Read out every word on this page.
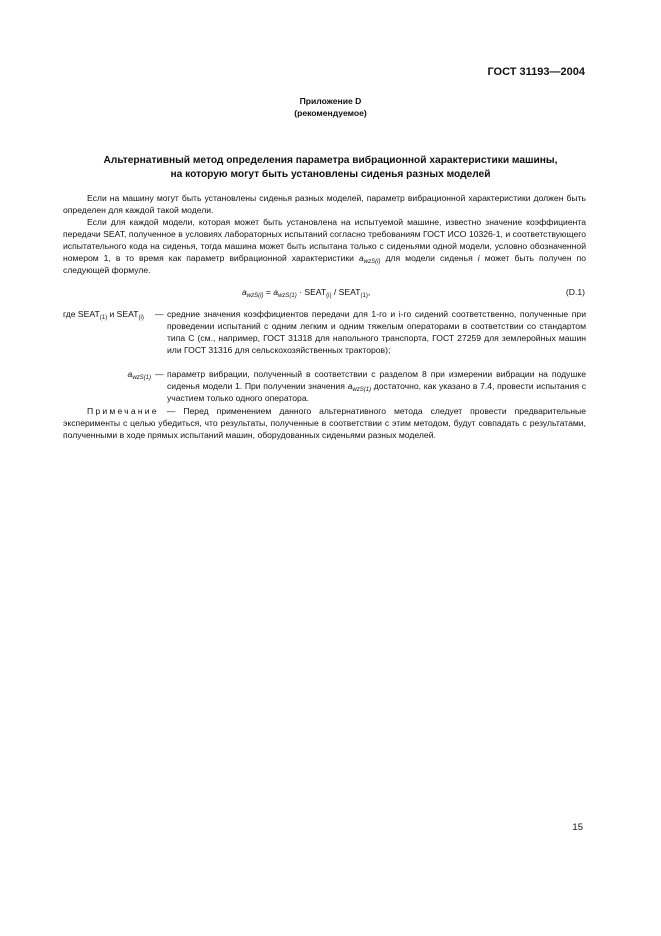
ГОСТ 31193—2004
Приложение D
(рекомендуемое)
Альтернативный метод определения параметра вибрационной характеристики машины,
на которую могут быть установлены сиденья разных моделей
Если на машину могут быть установлены сиденья разных моделей, параметр вибрационной характеристики должен быть определен для каждой такой модели.
Если для каждой модели, которая может быть установлена на испытуемой машине, известно значение коэффициента передачи SEAT, полученное в условиях лабораторных испытаний согласно требованиям ГОСТ ИСО 10326-1, и соответствующего испытательного кода на сиденья, тогда машина может быть испытана только с сиденьями одной модели, условно обозначенной номером 1, в то время как параметр вибрационной характеристики $a_{wzS(i)}$ для модели сиденья i может быть получен по следующей формуле.
$a_{wzS(i)} = a_{wzS(1)}$ · $SEAT_{(i)}$ / $SEAT_{(1)}$,	(D.1)
где $SEAT_{(1)}$ и $SEAT_{(i)}$	— средние значения коэффициентов передачи для 1-го и i-го сидений соответственно, полученные при проведении испытаний с одним легким и одним тяжелым операторами в соответствии со стандартом типа С (см., например, ГОСТ 31318 для напольного транспорта, ГОСТ 27259 для землеройных машин или ГОСТ 31316 для сельскохозяйственных тракторов);
$a_{wzS(1)}$ — параметр вибрации, полученный в соответствии с разделом 8 при измерении вибрации на подушке сиденья модели 1. При получении значения $a_{wzS(1)}$ достаточно, как указано в 7.4, провести испытания с участием только одного оператора.
Примечание — Перед применением данного альтернативного метода следует провести предварительные эксперименты с целью убедиться, что результаты, полученные в соответствии с этим методом, будут совпадать с результатами, полученными в ходе прямых испытаний машин, оборудованных сиденьями разных моделей.
15
